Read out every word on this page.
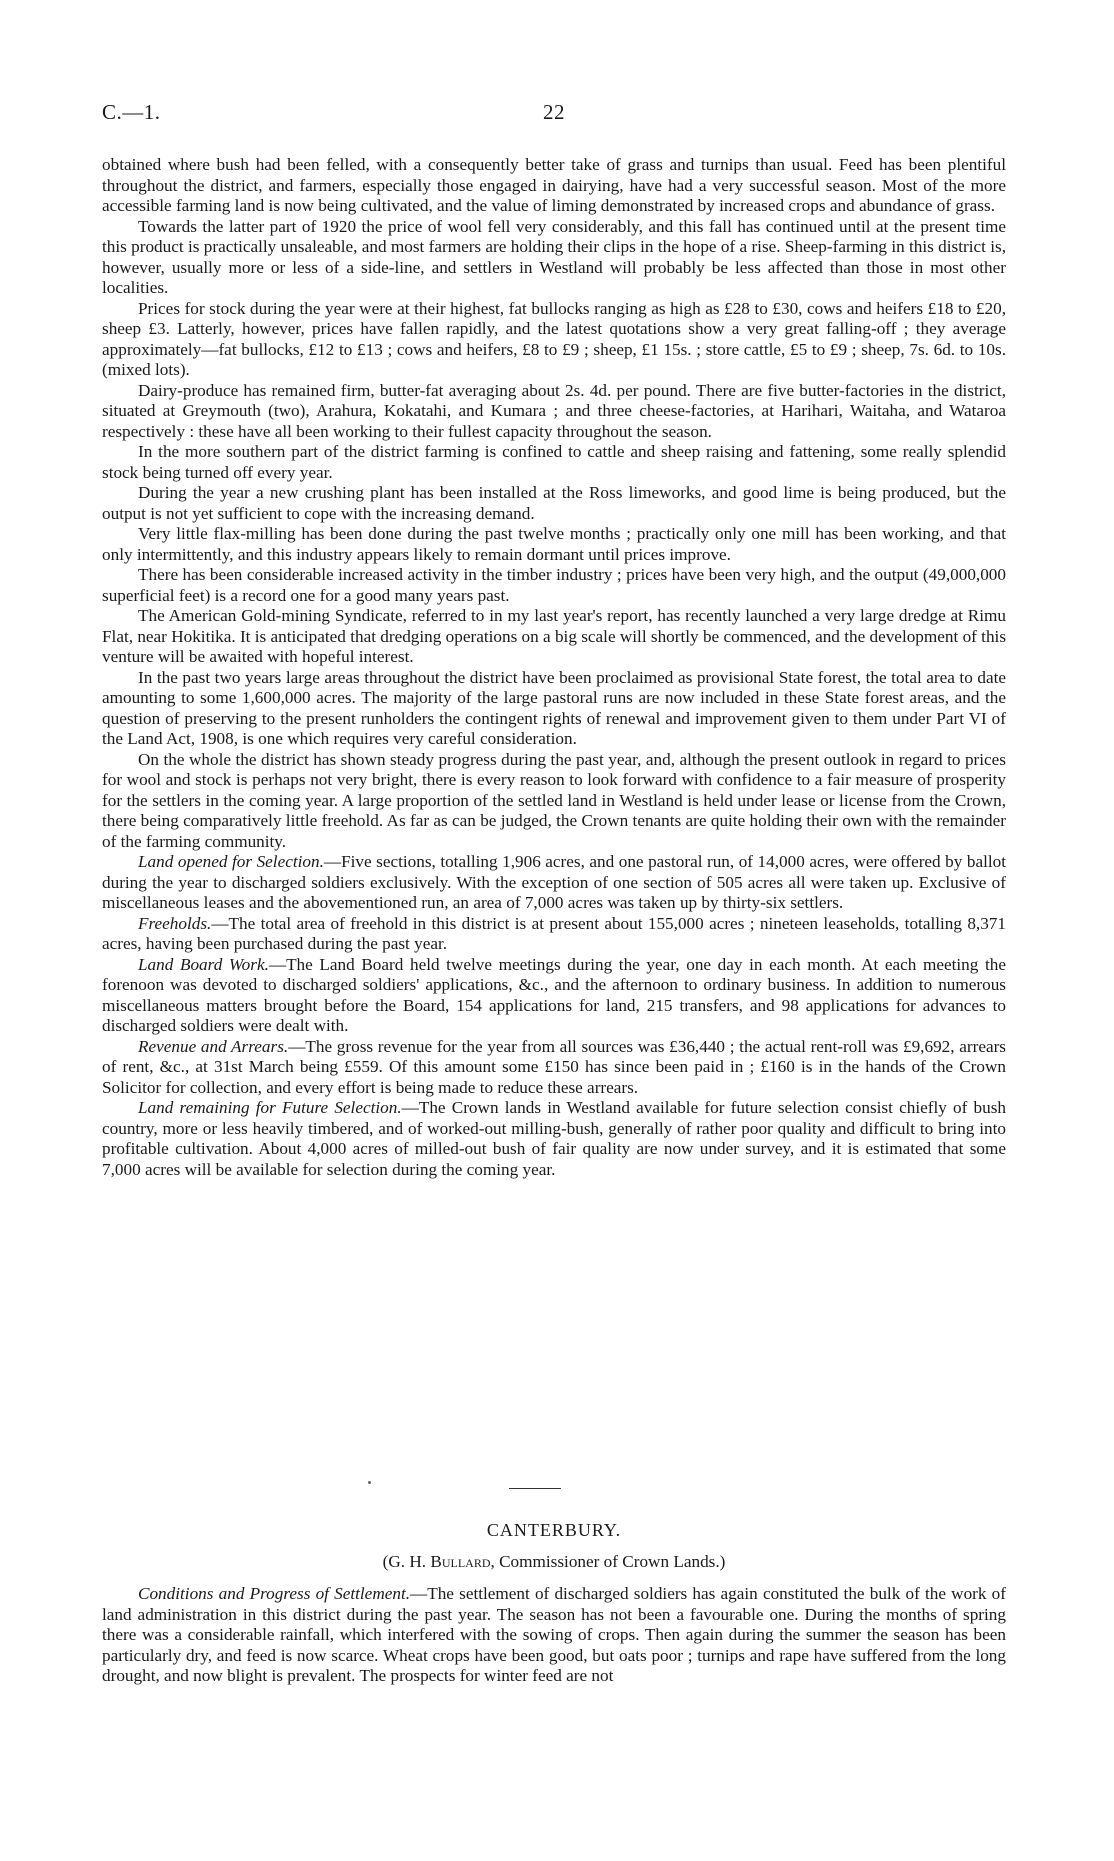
C.—1.	22

obtained where bush had been felled, with a consequently better take of grass and turnips than usual. Feed has been plentiful throughout the district, and farmers, especially those engaged in dairying, have had a very successful season. Most of the more accessible farming land is now being cultivated, and the value of liming demonstrated by increased crops and abundance of grass.

Towards the latter part of 1920 the price of wool fell very considerably, and this fall has continued until at the present time this product is practically unsaleable, and most farmers are holding their clips in the hope of a rise. Sheep-farming in this district is, however, usually more or less of a side-line, and settlers in Westland will probably be less affected than those in most other localities.

Prices for stock during the year were at their highest, fat bullocks ranging as high as £28 to £30, cows and heifers £18 to £20, sheep £3. Latterly, however, prices have fallen rapidly, and the latest quotations show a very great falling-off ; they average approximately—fat bullocks, £12 to £13 ; cows and heifers, £8 to £9 ; sheep, £1 15s. ; store cattle, £5 to £9 ; sheep, 7s. 6d. to 10s. (mixed lots).

Dairy-produce has remained firm, butter-fat averaging about 2s. 4d. per pound. There are five butter-factories in the district, situated at Greymouth (two), Arahura, Kokatahi, and Kumara ; and three cheese-factories, at Harihari, Waitaha, and Wataroa respectively : these have all been working to their fullest capacity throughout the season.

In the more southern part of the district farming is confined to cattle and sheep raising and fattening, some really splendid stock being turned off every year.

During the year a new crushing plant has been installed at the Ross limeworks, and good lime is being produced, but the output is not yet sufficient to cope with the increasing demand.

Very little flax-milling has been done during the past twelve months ; practically only one mill has been working, and that only intermittently, and this industry appears likely to remain dormant until prices improve.

There has been considerable increased activity in the timber industry ; prices have been very high, and the output (49,000,000 superficial feet) is a record one for a good many years past.

The American Gold-mining Syndicate, referred to in my last year's report, has recently launched a very large dredge at Rimu Flat, near Hokitika. It is anticipated that dredging operations on a big scale will shortly be commenced, and the development of this venture will be awaited with hopeful interest.

In the past two years large areas throughout the district have been proclaimed as provisional State forest, the total area to date amounting to some 1,600,000 acres. The majority of the large pastoral runs are now included in these State forest areas, and the question of preserving to the present runholders the contingent rights of renewal and improvement given to them under Part VI of the Land Act, 1908, is one which requires very careful consideration.

On the whole the district has shown steady progress during the past year, and, although the present outlook in regard to prices for wool and stock is perhaps not very bright, there is every reason to look forward with confidence to a fair measure of prosperity for the settlers in the coming year. A large proportion of the settled land in Westland is held under lease or license from the Crown, there being comparatively little freehold. As far as can be judged, the Crown tenants are quite holding their own with the remainder of the farming community.

Land opened for Selection.—Five sections, totalling 1,906 acres, and one pastoral run, of 14,000 acres, were offered by ballot during the year to discharged soldiers exclusively. With the exception of one section of 505 acres all were taken up. Exclusive of miscellaneous leases and the abovementioned run, an area of 7,000 acres was taken up by thirty-six settlers.

Freeholds.—The total area of freehold in this district is at present about 155,000 acres ; nineteen leaseholds, totalling 8,371 acres, having been purchased during the past year.

Land Board Work.—The Land Board held twelve meetings during the year, one day in each month. At each meeting the forenoon was devoted to discharged soldiers' applications, &c., and the afternoon to ordinary business. In addition to numerous miscellaneous matters brought before the Board, 154 applications for land, 215 transfers, and 98 applications for advances to discharged soldiers were dealt with.

Revenue and Arrears.—The gross revenue for the year from all sources was £36,440 ; the actual rent-roll was £9,692, arrears of rent, &c., at 31st March being £559. Of this amount some £150 has since been paid in ; £160 is in the hands of the Crown Solicitor for collection, and every effort is being made to reduce these arrears.

Land remaining for Future Selection.—The Crown lands in Westland available for future selection consist chiefly of bush country, more or less heavily timbered, and of worked-out milling-bush, generally of rather poor quality and difficult to bring into profitable cultivation. About 4,000 acres of milled-out bush of fair quality are now under survey, and it is estimated that some 7,000 acres will be available for selection during the coming year.

CANTERBURY.
(G. H. Bullard, Commissioner of Crown Lands.)

Conditions and Progress of Settlement.—The settlement of discharged soldiers has again constituted the bulk of the work of land administration in this district during the past year. The season has not been a favourable one. During the months of spring there was a considerable rainfall, which interfered with the sowing of crops. Then again during the summer the season has been particularly dry, and feed is now scarce. Wheat crops have been good, but oats poor ; turnips and rape have suffered from the long drought, and now blight is prevalent. The prospects for winter feed are not
